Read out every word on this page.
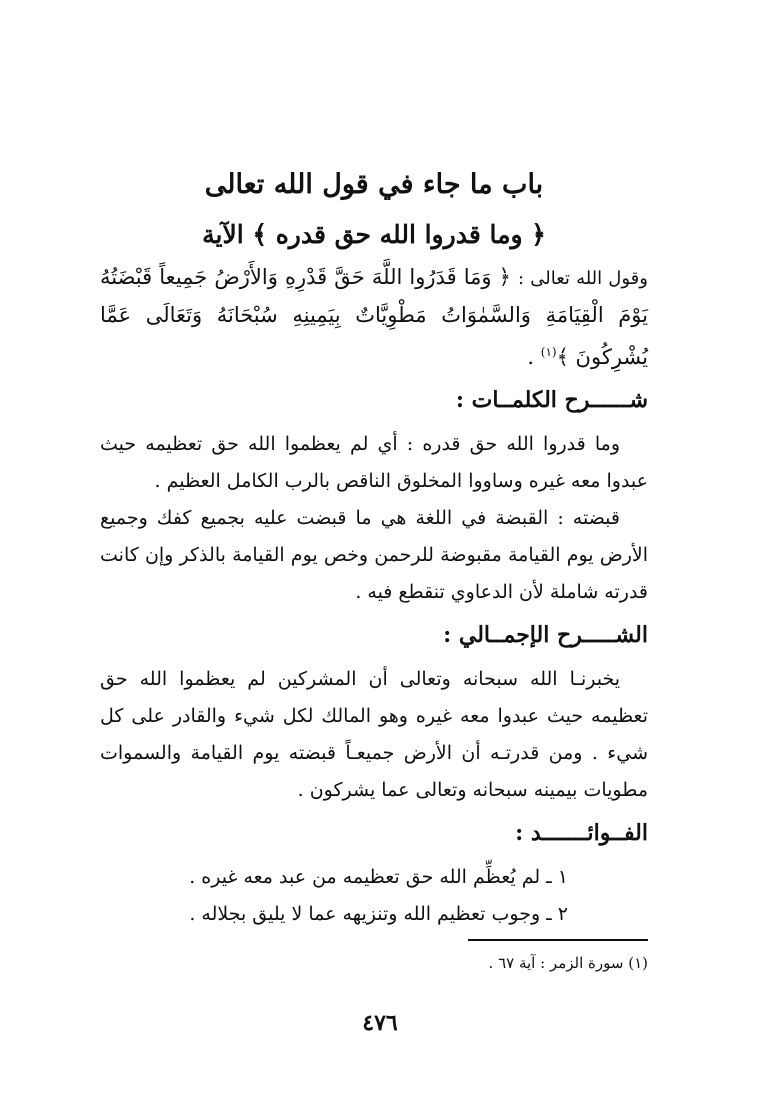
باب ما جاء في قول الله تعالى
﴿ وما قدروا الله حق قدره ﴾ الآية

وقول الله تعالى : ﴿ وَمَا قَدَرُوا اللَّهَ حَقَّ قَدْرِهِ وَالأَرْضُ جَمِيعاً قَبْضَتُهُ يَوْمَ الْقِيَامَةِ وَالسَّمٰوَاتُ مَطْوِيَّاتٌ بِيَمِينِهِ سُبْحَانَهُ وَتَعَالَى عَمَّا يُشْرِكُونَ ﴾$^{(١)}$ .

شــــــرح الكلمــات :

وما قدروا الله حق قدره : أي لم يعظموا الله حق تعظيمه حيث عبدوا معه غيره وساووا المخلوق الناقص بالرب الكامل العظيم .

قبضته : القبضة في اللغة هي ما قبضت عليه بجميع كفك وجميع الأرض يوم القيامة مقبوضة للرحمن وخص يوم القيامة بالذكر وإن كانت قدرته شاملة لأن الدعاوي تنقطع فيه .

الشـــــرح الإجمــالي :

يخبرنـا الله سبحانه وتعالى أن المشركين لم يعظموا الله حق تعظيمه حيث عبدوا معه غيره وهو المالك لكل شيء والقادر على كل شيء . ومن قدرتـه أن الأرض جميعـاً قبضته يوم القيامة والسموات مطويات بيمينه سبحانه وتعالى عما يشركون .

الفــوائـــــــد :

١ ـ لم يُعظِّم الله حق تعظيمه من عبد معه غيره .

٢ ـ وجوب تعظيم الله وتنزيهه عما لا يليق بجلاله .

(١) سورة الزمر : آية ٦٧ .

٤٧٦
